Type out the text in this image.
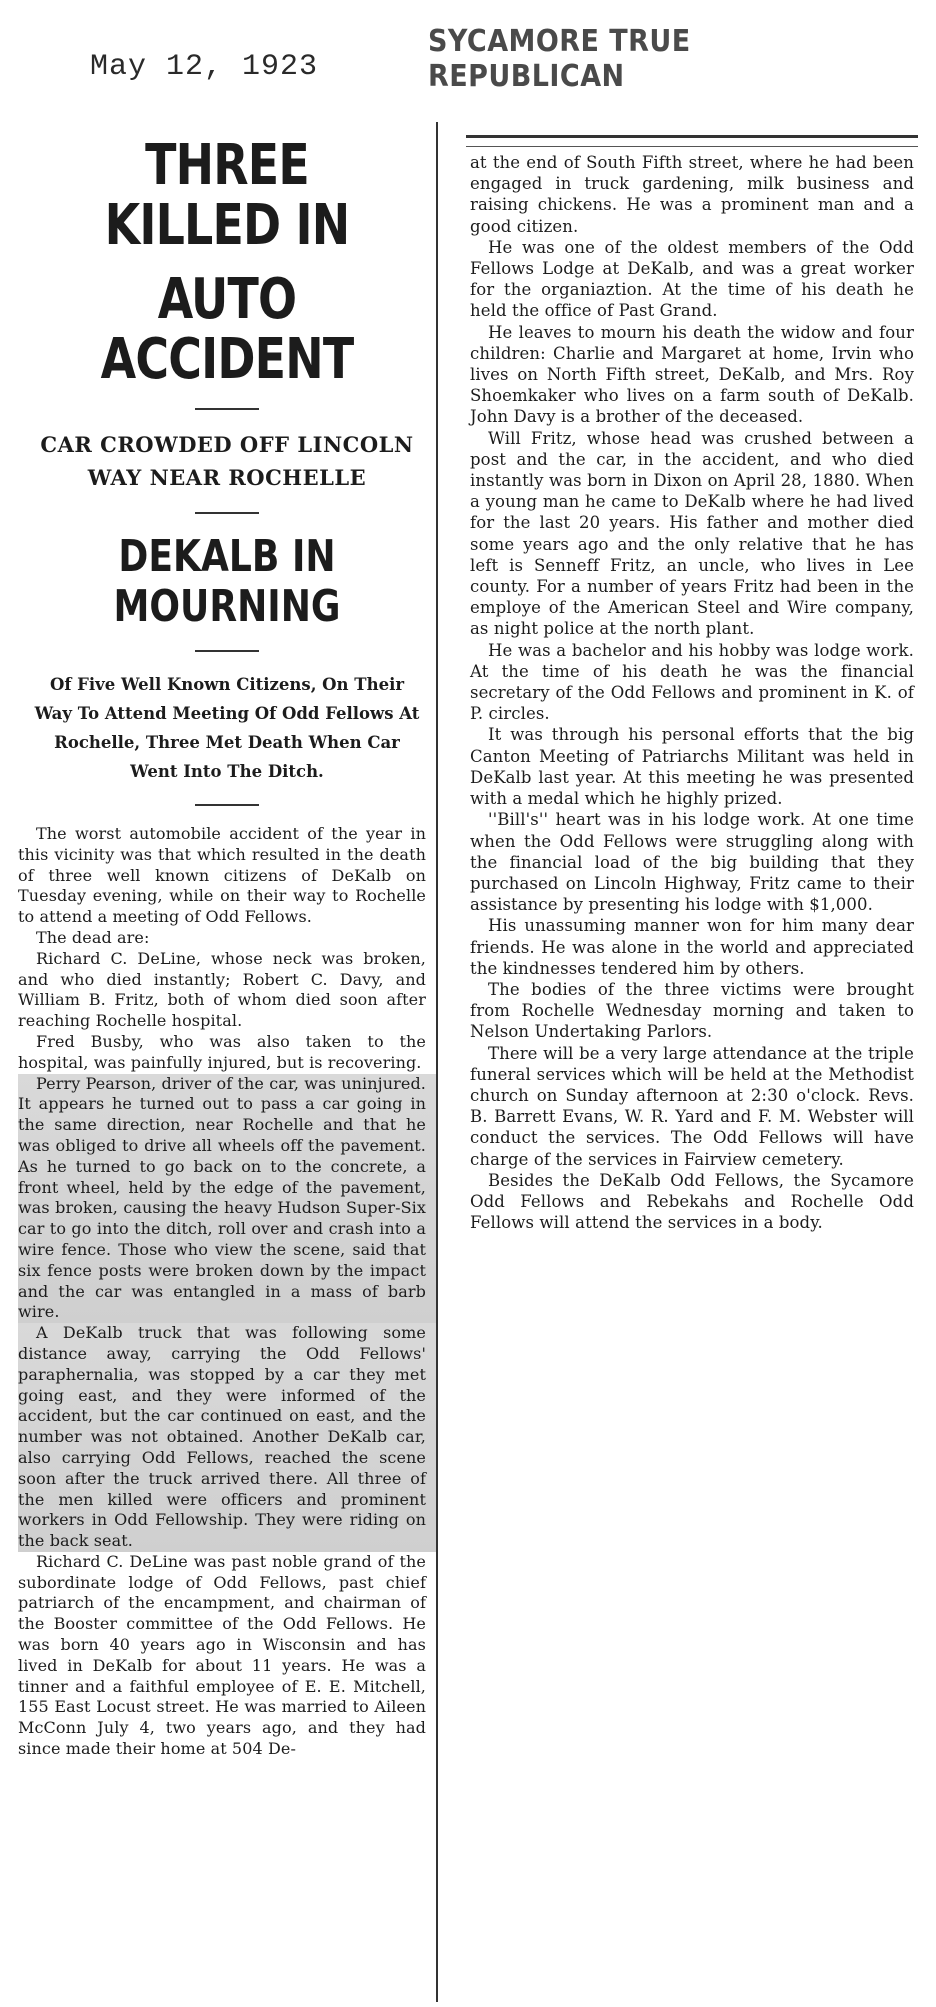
May 12, 1923
SYCAMORE TRUE REPUBLICAN
THREE KILLED IN
AUTO ACCIDENT
CAR CROWDED OFF LINCOLN
WAY NEAR ROCHELLE
DEKALB IN MOURNING
Of Five Well Known Citizens, On Their Way To Attend Meeting Of Odd Fellows At Rochelle, Three Met Death When Car Went Into The Ditch.

The worst automobile accident of the year in this vicinity was that which resulted in the death of three well known citizens of DeKalb on Tuesday evening, while on their way to Rochelle to attend a meeting of Odd Fellows.

The dead are:

Richard C. DeLine, whose neck was broken, and who died instantly; Robert C. Davy, and William B. Fritz, both of whom died soon after reaching Rochelle hospital.

Fred Busby, who was also taken to the hospital, was painfully injured, but is recovering.

Perry Pearson, driver of the car, was uninjured. It appears he turned out to pass a car going in the same direction, near Rochelle and that he was obliged to drive all wheels off the pavement. As he turned to go back on to the concrete, a front wheel, held by the edge of the pavement, was broken, causing the heavy Hudson Super-Six car to go into the ditch, roll over and crash into a wire fence. Those who view the scene, said that six fence posts were broken down by the impact and the car was entangled in a mass of barb wire.

A DeKalb truck that was following some distance away, carrying the Odd Fellows' paraphernalia, was stopped by a car they met going east, and they were informed of the accident, but the car continued on east, and the number was not obtained. Another DeKalb car, also carrying Odd Fellows, reached the scene soon after the truck arrived there. All three of the men killed were officers and prominent workers in Odd Fellowship. They were riding on the back seat.

Richard C. DeLine was past noble grand of the subordinate lodge of Odd Fellows, past chief patriarch of the encampment, and chairman of the Booster committee of the Odd Fellows. He was born 40 years ago in Wisconsin and has lived in DeKalb for about 11 years. He was a tinner and a faithful employee of E. E. Mitchell, 155 East Locust street. He was married to Aileen McConn July 4, two years ago, and they had since made their home at 504 De-

at the end of South Fifth street, where he had been engaged in truck gardening, milk business and raising chickens. He was a prominent man and a good citizen.

He was one of the oldest members of the Odd Fellows Lodge at DeKalb, and was a great worker for the organiaztion. At the time of his death he held the office of Past Grand.

He leaves to mourn his death the widow and four children: Charlie and Margaret at home, Irvin who lives on North Fifth street, DeKalb, and Mrs. Roy Shoemkaker who lives on a farm south of DeKalb. John Davy is a brother of the deceased.

Will Fritz, whose head was crushed between a post and the car, in the accident, and who died instantly was born in Dixon on April 28, 1880. When a young man he came to DeKalb where he had lived for the last 20 years. His father and mother died some years ago and the only relative that he has left is Senneff Fritz, an uncle, who lives in Lee county. For a number of years Fritz had been in the employe of the American Steel and Wire company, as night police at the north plant.

He was a bachelor and his hobby was lodge work. At the time of his death he was the financial secretary of the Odd Fellows and prominent in K. of P. circles.

It was through his personal efforts that the big Canton Meeting of Patriarchs Militant was held in DeKalb last year. At this meeting he was presented with a medal which he highly prized.

''Bill's'' heart was in his lodge work. At one time when the Odd Fellows were struggling along with the financial load of the big building that they purchased on Lincoln Highway, Fritz came to their assistance by presenting his lodge with $1,000.

His unassuming manner won for him many dear friends. He was alone in the world and appreciated the kindnesses tendered him by others.

The bodies of the three victims were brought from Rochelle Wednesday morning and taken to Nelson Undertaking Parlors.

There will be a very large attendance at the triple funeral services which will be held at the Methodist church on Sunday afternoon at 2:30 o'clock. Revs. B. Barrett Evans, W. R. Yard and F. M. Webster will conduct the services. The Odd Fellows will have charge of the services in Fairview cemetery.

Besides the DeKalb Odd Fellows, the Sycamore Odd Fellows and Rebekahs and Rochelle Odd Fellows will attend the services in a body.
